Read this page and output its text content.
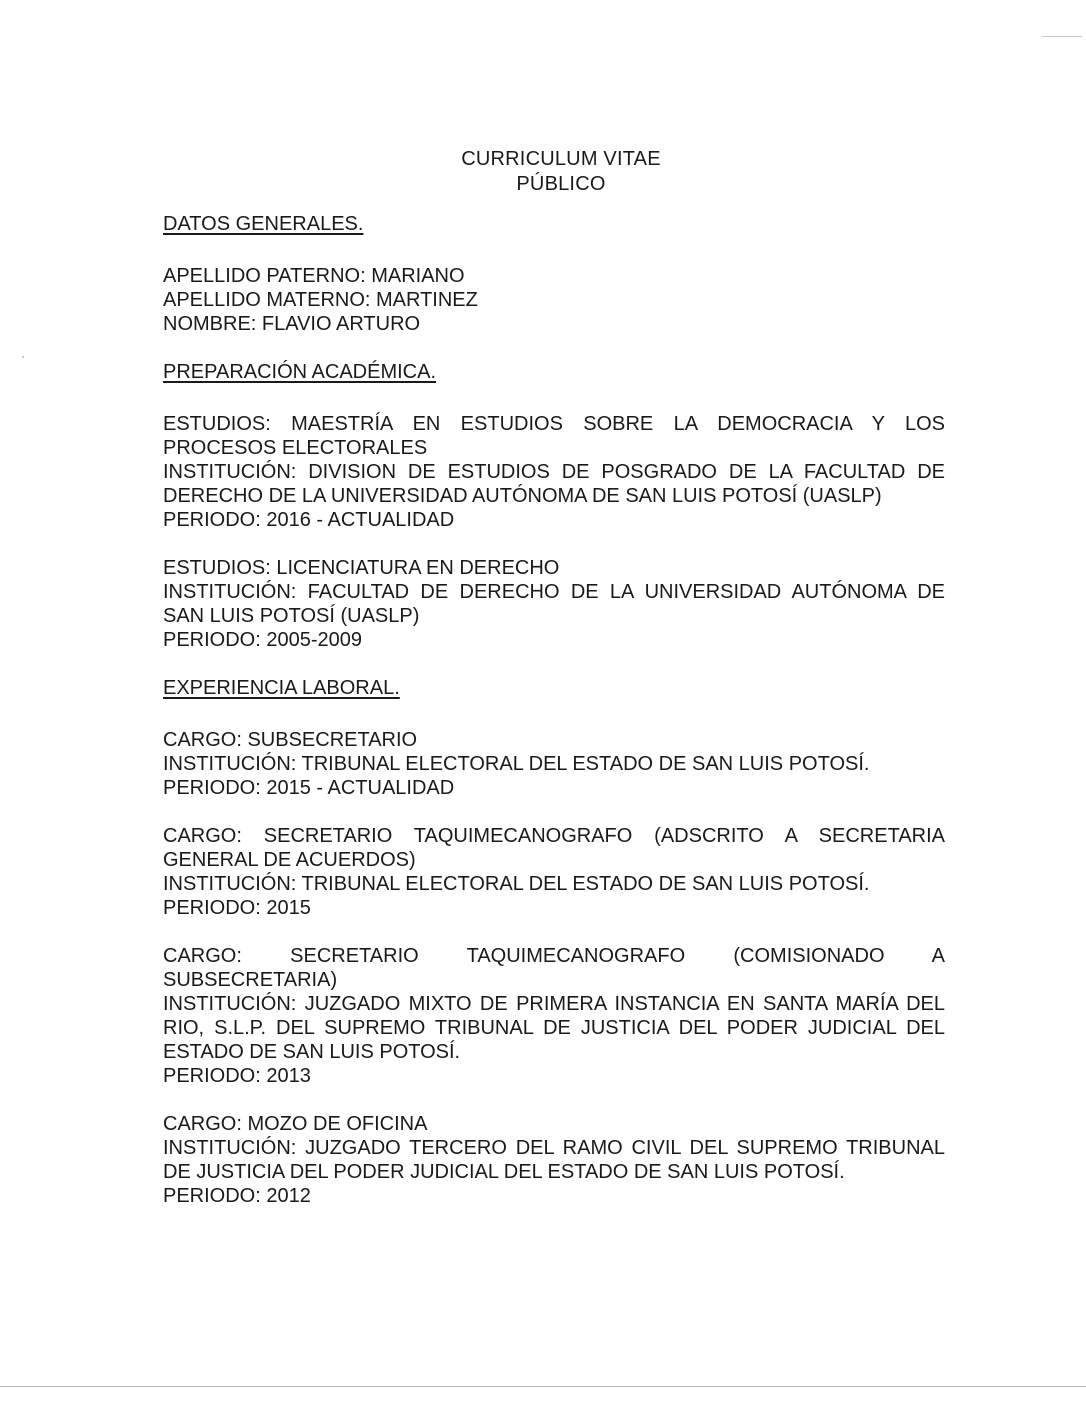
CURRICULUM VITAE
PÚBLICO

DATOS GENERALES.

APELLIDO PATERNO: MARIANO

APELLIDO MATERNO: MARTINEZ

NOMBRE: FLAVIO ARTURO

PREPARACIÓN ACADÉMICA.

ESTUDIOS: MAESTRÍA EN ESTUDIOS SOBRE LA DEMOCRACIA Y LOS PROCESOS ELECTORALES

INSTITUCIÓN: DIVISION DE ESTUDIOS DE POSGRADO DE LA FACULTAD DE DERECHO DE LA UNIVERSIDAD AUTÓNOMA DE SAN LUIS POTOSÍ (UASLP)

PERIODO: 2016 - ACTUALIDAD

ESTUDIOS: LICENCIATURA EN DERECHO

INSTITUCIÓN: FACULTAD DE DERECHO DE LA UNIVERSIDAD AUTÓNOMA DE SAN LUIS POTOSÍ (UASLP)

PERIODO: 2005-2009

EXPERIENCIA LABORAL.

CARGO: SUBSECRETARIO

INSTITUCIÓN: TRIBUNAL ELECTORAL DEL ESTADO DE SAN LUIS POTOSÍ.

PERIODO: 2015 - ACTUALIDAD

CARGO: SECRETARIO TAQUIMECANOGRAFO (ADSCRITO A SECRETARIA GENERAL DE ACUERDOS)

INSTITUCIÓN: TRIBUNAL ELECTORAL DEL ESTADO DE SAN LUIS POTOSÍ.

PERIODO: 2015

CARGO: SECRETARIO TAQUIMECANOGRAFO (COMISIONADO A SUBSECRETARIA)

INSTITUCIÓN: JUZGADO MIXTO DE PRIMERA INSTANCIA EN SANTA MARÍA DEL RIO, S.L.P. DEL SUPREMO TRIBUNAL DE JUSTICIA DEL PODER JUDICIAL DEL ESTADO DE SAN LUIS POTOSÍ.

PERIODO: 2013

CARGO: MOZO DE OFICINA

INSTITUCIÓN: JUZGADO TERCERO DEL RAMO CIVIL DEL SUPREMO TRIBUNAL DE JUSTICIA DEL PODER JUDICIAL DEL ESTADO DE SAN LUIS POTOSÍ.

PERIODO: 2012
